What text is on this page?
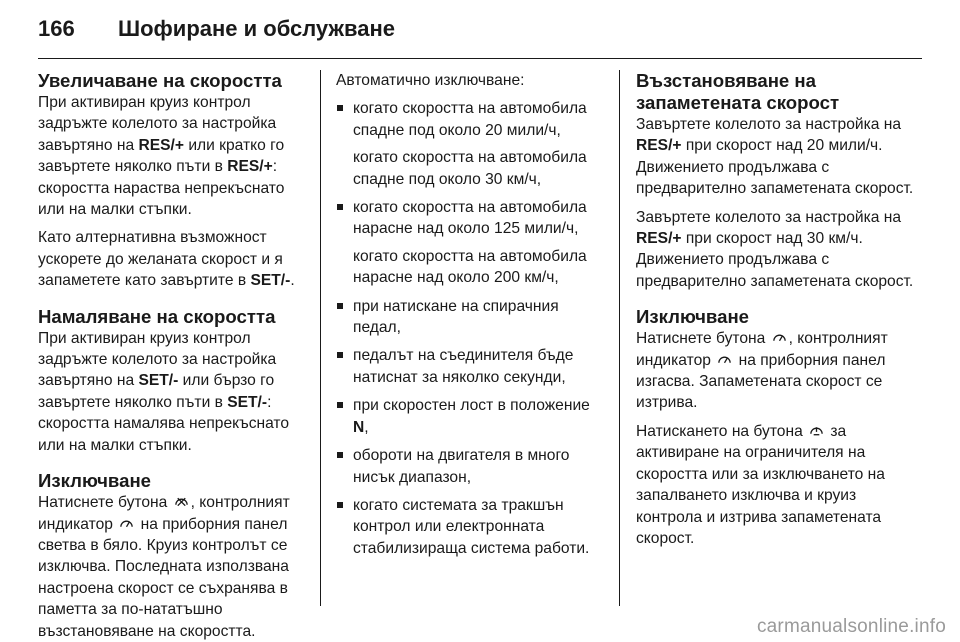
166 Шофиране и обслужване
Увеличаване на скоростта

При активиран круиз контрол задръжте колелото за настройка завъртяно на RES/+ или кратко го завъртете няколко пъти в RES/+: скоростта нараства непрекъснато или на малки стъпки.

Като алтернативна възможност ускорете до желаната скорост и я запаметете като завъртите в SET/-.

Намаляване на скоростта

При активиран круиз контрол задръжте колелото за настройка завъртяно на SET/- или бързо го завъртете няколко пъти в SET/-: скоростта намалява непрекъснато или на малки стъпки.

Изключване

Натиснете бутона , контролният индикатор  на приборния панел светва в бяло. Круиз контролът се изключва. Последната използвана настроена скорост се съхранява в паметта за по-нататъшно възстановяване на скоростта.

Автоматично изключване:

когато скоростта на автомобила спадне под около 20 мили/ч,
когато скоростта на автомобила спадне под около 30 км/ч,
когато скоростта на автомобила нарасне над около 125 мили/ч,
когато скоростта на автомобила нарасне над около 200 км/ч,
при натискане на спирачния педал,
педалът на съединителя бъде натиснат за няколко секунди,
при скоростен лост в положение N,
обороти на двигателя в много нисък диапазон,
когато системата за тракшън контрол или електронната стабилизираща система работи.
Възстановяване на запаметената скорост

Завъртете колелото за настройка на RES/+ при скорост над 20 мили/ч. Движението продължава с предварително запаметената скорост.

Завъртете колелото за настройка на RES/+ при скорост над 30 км/ч. Движението продължава с предварително запаметената скорост.

Изключване

Натиснете бутона , контролният индикатор  на приборния панел изгасва. Запаметената скорост се изтрива.

Натискането на бутона  за активиране на ограничителя на скоростта или за изключването на запалването изключва и круиз контрола и изтрива запаметената скорост.

carmanualsonline.info
